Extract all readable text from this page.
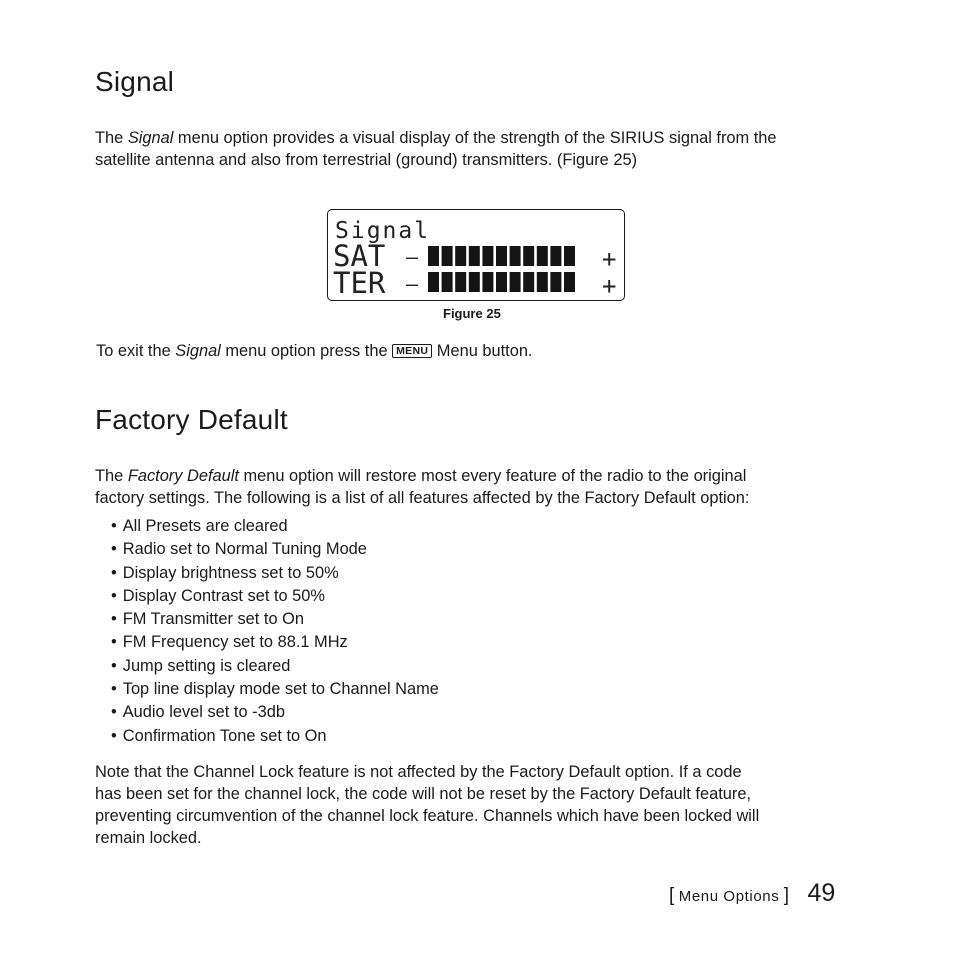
Signal

The Signal menu option provides a visual display of the strength of the SIRIUS signal from the
satellite antenna and also from terrestrial (ground) transmitters. (Figure 25)

Signal
SAT –	+
TER –	+
Figure 25

To exit the Signal menu option press the MENU Menu button.

Factory Default

The Factory Default menu option will restore most every feature of the radio to the original
factory settings. The following is a list of all features affected by the Factory Default option:

• All Presets are cleared
• Radio set to Normal Tuning Mode
• Display brightness set to 50%
• Display Contrast set to 50%
• FM Transmitter set to On
• FM Frequency set to 88.1 MHz
• Jump setting is cleared
• Top line display mode set to Channel Name
• Audio level set to -3db
• Confirmation Tone set to On

Note that the Channel Lock feature is not affected by the Factory Default option. If a code
has been set for the channel lock, the code will not be reset by the Factory Default feature,
preventing circumvention of the channel lock feature. Channels which have been locked will
remain locked.

[ Menu Options ] 49
